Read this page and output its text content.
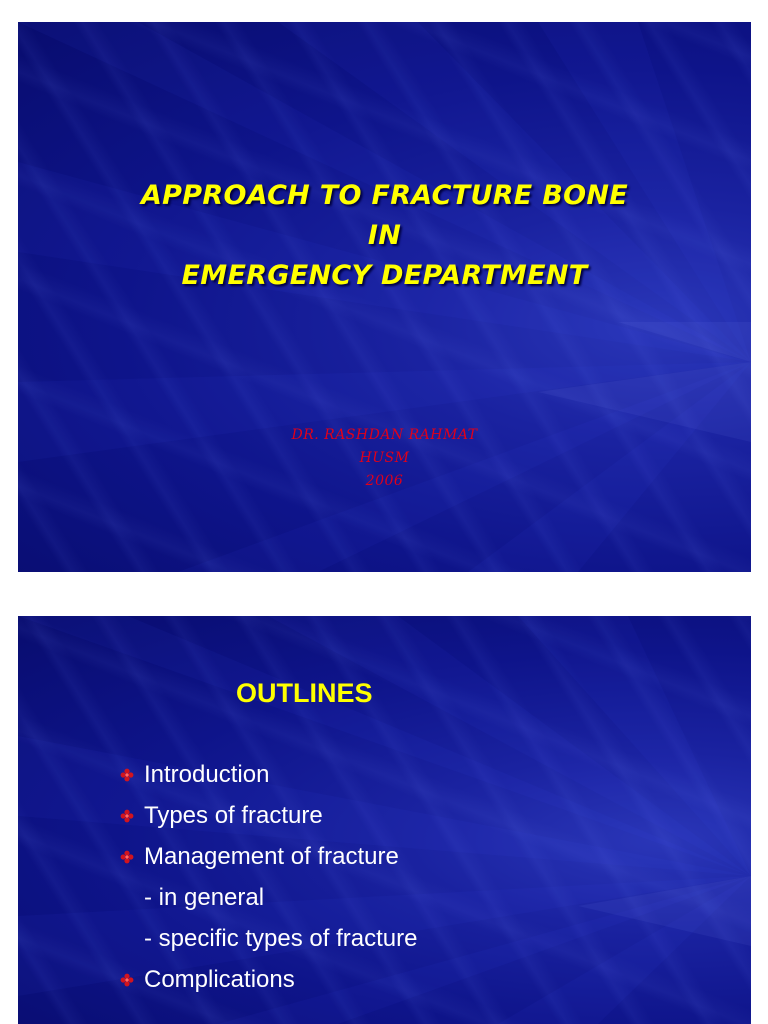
APPROACH TO FRACTURE BONE
IN
EMERGENCY DEPARTMENT
DR. RASHDAN RAHMAT
HUSM
2006
OUTLINES
Introduction
Types of fracture
Management of fracture
- in general
- specific types of fracture
Complications
